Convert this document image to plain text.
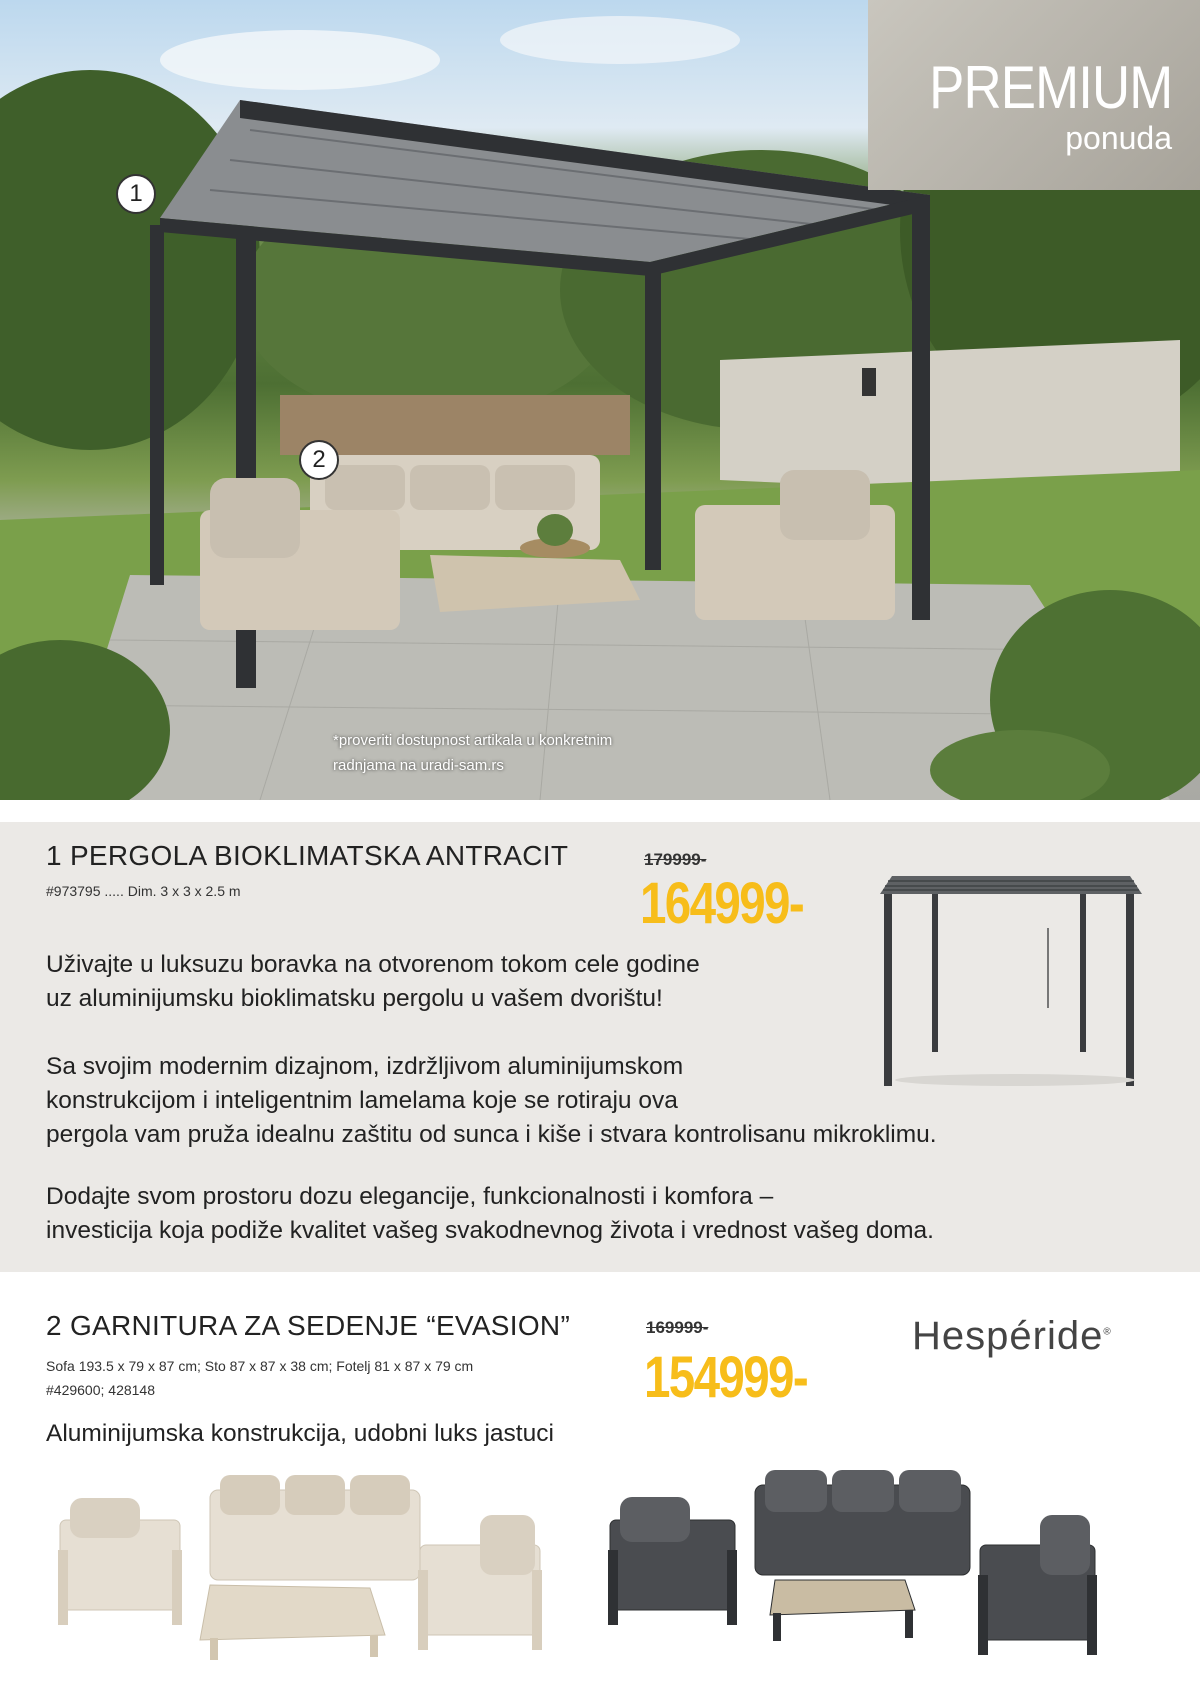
1
2
PREMIUM
ponuda
*proveriti dostupnost artikala u konkretnim
radnjama na uradi-sam.rs
1 PERGOLA BIOKLIMATSKA ANTRACIT
#973795 ..... Dim. 3 x 3 x 2.5 m
179999-
164999-
Uživajte u luksuzu boravka na otvorenom tokom cele godine
uz aluminijumsku bioklimatsku pergolu u vašem dvorištu!
Sa svojim modernim dizajnom, izdržljivom aluminijumskom
konstrukcijom i inteligentnim lamelama koje se rotiraju ova
pergola vam pruža idealnu zaštitu od sunca i kiše i stvara kontrolisanu mikroklimu.
Dodajte svom prostoru dozu elegancije, funkcionalnosti i komfora –
investicija koja podiže kvalitet vašeg svakodnevnog života i vrednost vašeg doma.
2 GARNITURA ZA SEDENJE “EVASION”
Sofa 193.5 x 79 x 87 cm; Sto 87 x 87 x 38 cm; Fotelj 81 x 87 x 79 cm
#429600; 428148
169999-
154999-
Hespéride®
Aluminijumska konstrukcija, udobni luks jastuci
